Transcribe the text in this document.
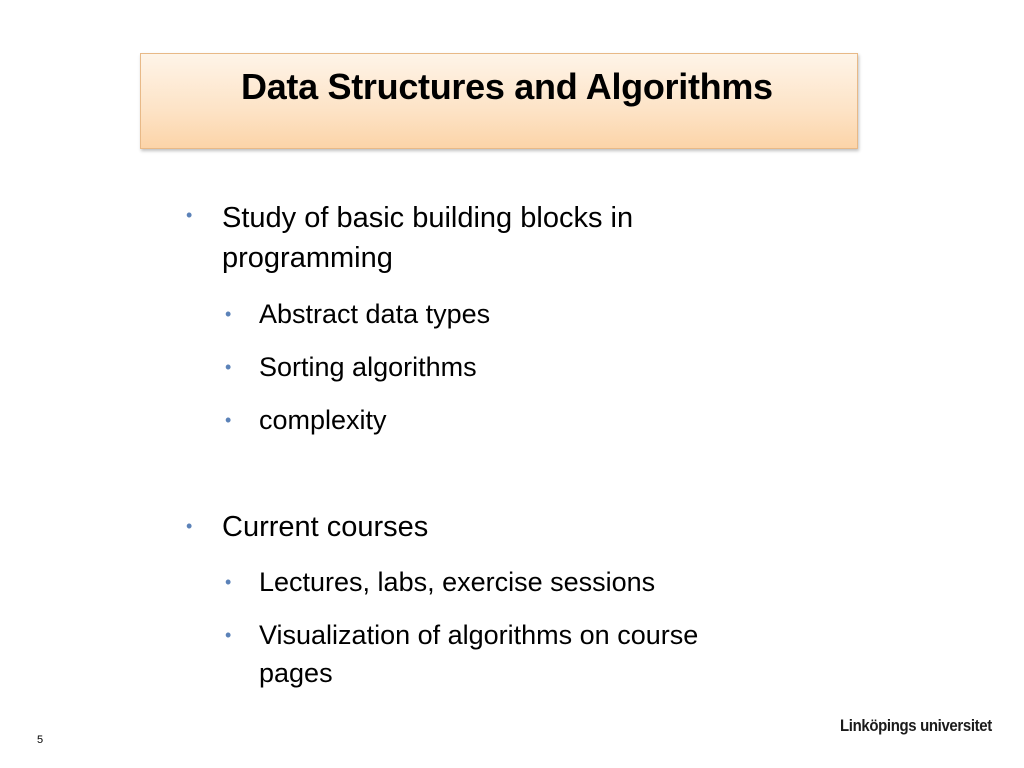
Data Structures and Algorithms
• Study of basic building blocks in programming

• Abstract data types

• Sorting algorithms

• complexity

• Current courses

• Lectures, labs, exercise sessions

• Visualization of algorithms on course pages

5
Linköpings universitet
